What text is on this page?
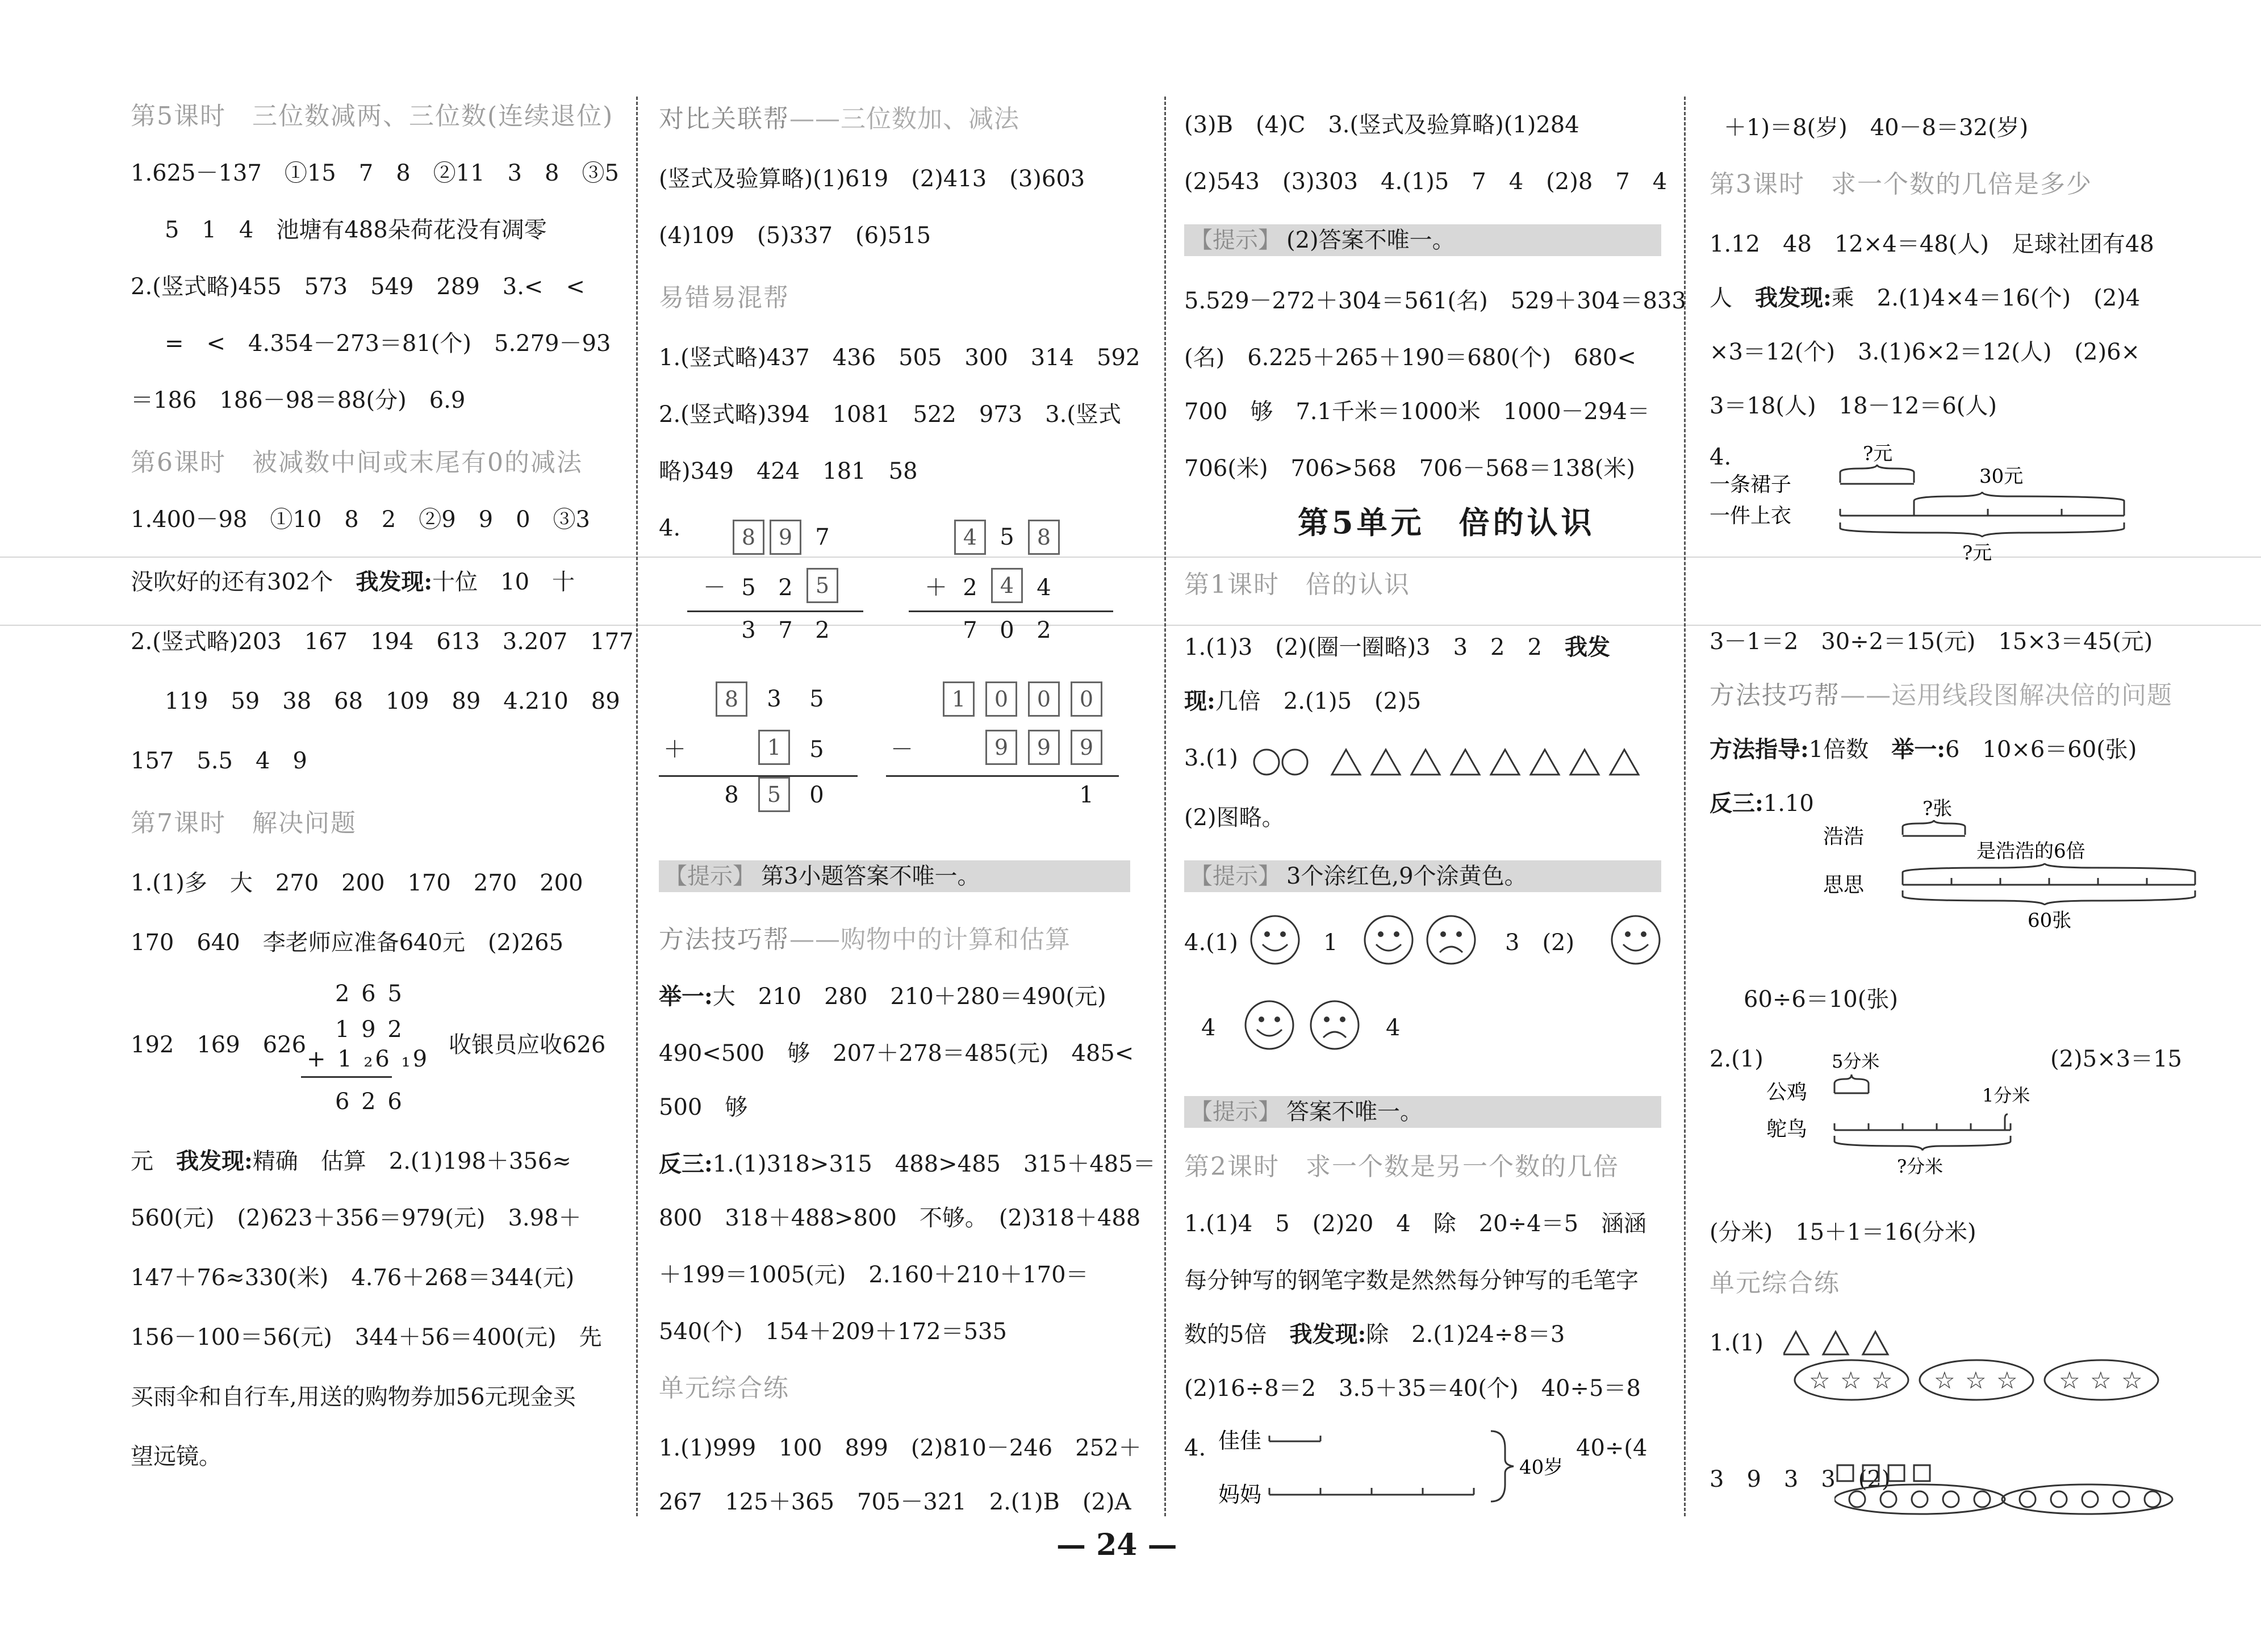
第5课时　三位数减两、三位数(连续退位)
1.625－137　①15　7　8　②11　3　8　③5
5　1　4　池塘有488朵荷花没有凋零
2.(竖式略)455　573　549　289　3.<　<
=　<　4.354－273＝81(个)　5.279－93
＝186　186－98＝88(分)　6.9
第6课时　被减数中间或末尾有0的减法
1.400－98　①10　8　2　②9　9　0　③3
没吹好的还有302个　 我发现:十位　10　十
2.(竖式略)203　167　194　613　3.207　177
119　59　38　68　109　89　4.210　89
157　5.5　4　9
第7课时　解决问题
1.(1)多　大　270　200　170　270　200
170　640　李老师应准备640元　(2)265
2 6 5
1 9 2
+ 1 ₂6 ₁9
6 2 6
192　169　626	收银员应收626
元　 我发现:精确　估算　2.(1)198＋356≈
560(元)　(2)623＋356＝979(元)　3.98＋
147＋76≈330(米)　4.76＋268＝344(元)
156－100＝56(元)　344＋56＝400(元)　先
买雨伞和自行车,用送的购物券加56元现金买
望远镜。
对比关联帮——三位数加、减法
(竖式及验算略)(1)619　(2)413　(3)603
(4)109　(5)337　(6)515
易错易混帮
1.(竖式略)437　436　505　300　314　592
2.(竖式略)394　1081　522　973　3.(竖式
略)349　424　181　58
4.	8	9	7
－ 5 2	5
3 7 2
4	5	8
＋ 2	4	4
7 0 2
8	3	5
＋	1	5
8	5	0
1	0	0	0
－	9	9	9
1
【提示】 第3小题答案不唯一。
方法技巧帮——购物中的计算和估算
举一:大　210　280　210＋280＝490(元)
490<500　够　207＋278＝485(元)　485<
500　够
反三:1.(1)318>315　488>485　315＋485＝
800　318＋488>800　不够。　(2)318＋488
＋199＝1005(元)　2.160＋210＋170＝
540(个)　154＋209＋172＝535
单元综合练
1.(1)999　100　899　(2)810－246　252＋
267　125＋365　705－321　2.(1)B　(2)A
(3)B　(4)C　3.(竖式及验算略)(1)284
(2)543　(3)303　4.(1)5　7　4　(2)8　7　4
【提示】 (2)答案不唯一。
5.529－272＋304＝561(名)　529＋304＝833
(名)　6.225＋265＋190＝680(个)　680<
700　够　7.1千米＝1000米　1000－294＝
706(米)　706>568　706－568＝138(米)
第5单元　倍的认识
第1课时　倍的认识
1.(1)3　(2)(圈一圈略)3　3　2　2　我发
现:几倍　2.(1)5　(2)5
3.(1)
(2)图略。
【提示】 3个涂红色,9个涂黄色。
4.(1)	1	3　(2)
4	4
【提示】 答案不唯一。
第2课时　求一个数是另一个数的几倍
1.(1)4　5　(2)20　4　除　20÷4＝5　涵涵
每分钟写的钢笔字数是然然每分钟写的毛笔字
数的5倍　我发现:除　2.(1)24÷8＝3
(2)16÷8＝2　3.5＋35＝40(个)　40÷5＝8
4. 佳佳
妈妈
40岁
40÷(4
＋1)＝8(岁)　40－8＝32(岁)
第3课时　求一个数的几倍是多少
1.12　48　12×4＝48(人)　足球社团有48
人　我发现:乘　2.(1)4×4＝16(个)　(2)4
×3＝12(个)　3.(1)6×2＝12(人)　(2)6×
3＝18(人)　18－12＝6(人)
4.	?元
一条裙子	30元
一件上衣
?元
3－1＝2　30÷2＝15(元)　15×3＝45(元)
方法技巧帮——运用线段图解决倍的问题
方法指导:1倍数　举一:6　10×6＝60(张)
反三:1.10	?张
浩浩
是浩浩的6倍
思思
60张
60÷6＝10(张)
2.(1)	(2)5×3＝15
5分米
公鸡	1分米
鸵鸟
?分米
(分米)　15＋1＝16(分米)
单元综合练
1.(1)
☆ ☆ ☆ ☆ ☆ ☆ ☆ ☆ ☆
3　9　3　3　(2)
— 24 —
